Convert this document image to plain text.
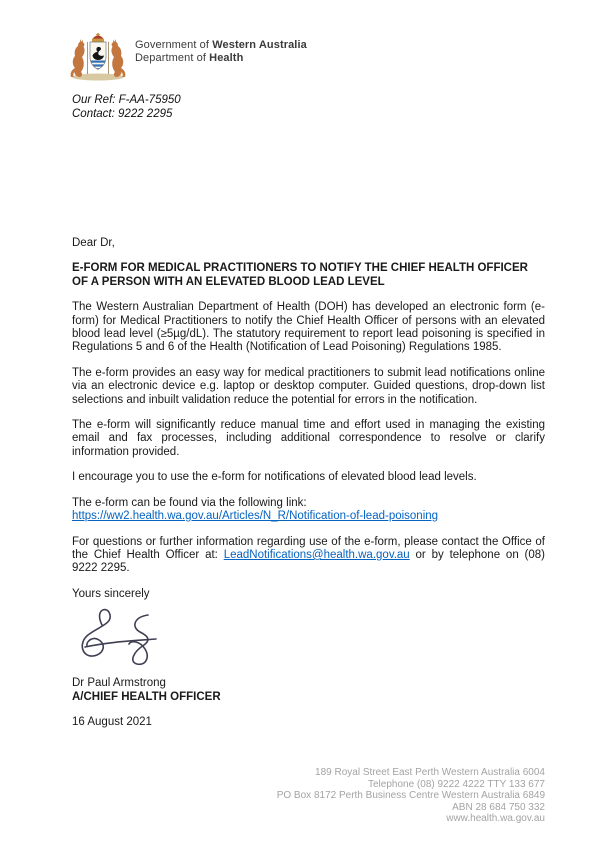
Government of Western Australia
Department of Health
Our Ref: F-AA-75950
Contact: 9222 2295

Dear Dr,

E-FORM FOR MEDICAL PRACTITIONERS TO NOTIFY THE CHIEF HEALTH OFFICER
OF A PERSON WITH AN ELEVATED BLOOD LEAD LEVEL

The Western Australian Department of Health (DOH) has developed an electronic form (e-form) for Medical Practitioners to notify the Chief Health Officer of persons with an elevated blood lead level (≥5µg/dL). The statutory requirement to report lead poisoning is specified in Regulations 5 and 6 of the Health (Notification of Lead Poisoning) Regulations 1985.

The e-form provides an easy way for medical practitioners to submit lead notifications online via an electronic device e.g. laptop or desktop computer. Guided questions, drop-down list selections and inbuilt validation reduce the potential for errors in the notification.

The e-form will significantly reduce manual time and effort used in managing the existing email and fax processes, including additional correspondence to resolve or clarify information provided.

I encourage you to use the e-form for notifications of elevated blood lead levels.

The e-form can be found via the following link:
https://ww2.health.wa.gov.au/Articles/N_R/Notification-of-lead-poisoning

For questions or further information regarding use of the e-form, please contact the Office of the Chief Health Officer at: LeadNotifications@health.wa.gov.au or by telephone on (08) 9222 2295.

Yours sincerely

Dr Paul Armstrong
A/CHIEF HEALTH OFFICER

16 August 2021

189 Royal Street East Perth Western Australia 6004
Telephone (08) 9222 4222 TTY 133 677
PO Box 8172 Perth Business Centre Western Australia 6849
ABN 28 684 750 332
www.health.wa.gov.au
